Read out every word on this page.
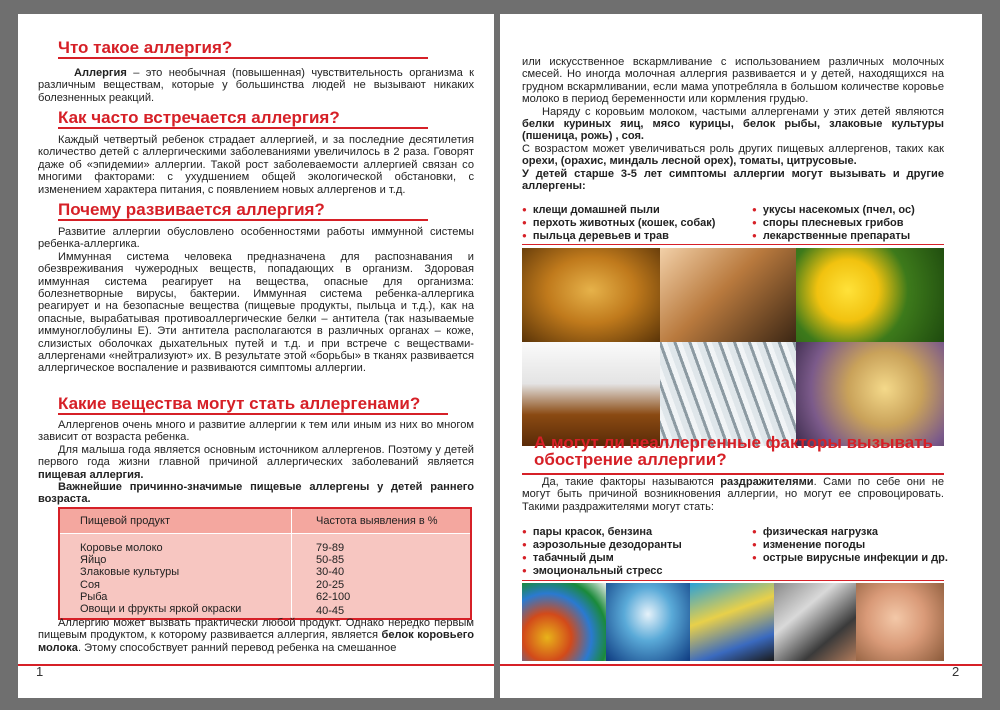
Что такое аллергия?

Аллергия – это необычная (повышенная) чувствительность организма к различным веществам, которые у большинства людей не вызывают никаких болезненных реакций.

Как часто встречается аллергия?

Каждый четвертый ребенок страдает аллергией, и за последние десятилетия количество детей с аллергическими заболеваниями увеличилось в 2 раза. Говорят даже об «эпидемии» аллергии. Такой рост заболеваемости аллергией связан со многими факторами: с ухудшением общей экологической обстановки, с изменением характера питания, с появлением новых аллергенов и т.д.

Почему развивается аллергия?

Развитие аллергии обусловлено особенностями работы иммунной системы ребенка-аллергика.

Иммунная система человека предназначена для распознавания и обезвреживания чужеродных веществ, попадающих в организм. Здоровая иммунная система реагирует на вещества, опасные для организма: болезнетворные вирусы, бактерии. Иммунная система ребенка-аллергика реагирует и на безопасные вещества (пищевые продукты, пыльца и т.д.), как на опасные, вырабатывая противоаллергические белки – антитела (так называемые иммуноглобулины Е). Эти антитела располагаются в различных органах – коже, слизистых оболочках дыхательных путей и т.д. и при встрече с веществами-аллергенами «нейтрализуют» их. В результате этой «борьбы» в тканях развивается аллергическое воспаление и развиваются симптомы аллергии.

Какие вещества могут стать аллергенами?

Аллергенов очень много и развитие аллергии к тем или иным из них во многом зависит от возраста ребенка.

Для малыша года является основным источником аллергенов. Поэтому у детей первого года жизни главной причиной аллергических заболеваний является пищевая аллергия.

Важнейшие причинно-значимые пищевые аллергены у детей раннего возраста.

Пищевой продукт	Частота выявления в %

Коровье молоко	79-89
Яйцо	50-85
Злаковые культуры	30-40
Соя	20-25
Рыба	62-100
Овощи и фрукты яркой окраски	40-45

Аллергию может вызвать практически любой продукт. Однако нередко первым пищевым продуктом, к которому развивается аллергия, является белок коровьего молока. Этому способствует ранний перевод ребенка на смешанное

1

или искусственное вскармливание с использованием различных молочных смесей. Но иногда молочная аллергия развивается и у детей, находящихся на грудном вскармливании, если мама употребляла в большом количестве коровье молоко в период беременности или кормления грудью.

Наряду с коровьим молоком, частыми аллергенами у этих детей являются белки куриных яиц, мясо курицы, белок рыбы, злаковые культуры (пшеница, рожь) , соя.

С возрастом может увеличиваться роль других пищевых аллергенов, таких как орехи, (орахис, миндаль лесной орех), томаты, цитрусовые.

У детей старше 3-5 лет симптомы аллергии могут вызывать и другие аллергены:

● клещи домашней пыли
● перхоть животных (кошек, собак)
● пыльца деревьев и трав
● укусы насекомых (пчел, ос)
● споры плесневых грибов
● лекарственные препараты
А могут ли неаллергенные факторы вызывать обострение аллергии?

Да, такие факторы называются раздражителями. Сами по себе они не могут быть причиной возникновения аллергии, но могут ее спровоцировать. Такими раздражителями могут стать:

● пары красок, бензина
● аэрозольные дезодоранты
● табачный дым
● эмоциональный стресс
● физическая нагрузка
● изменение погоды
● острые вирусные инфекции и др.
2
